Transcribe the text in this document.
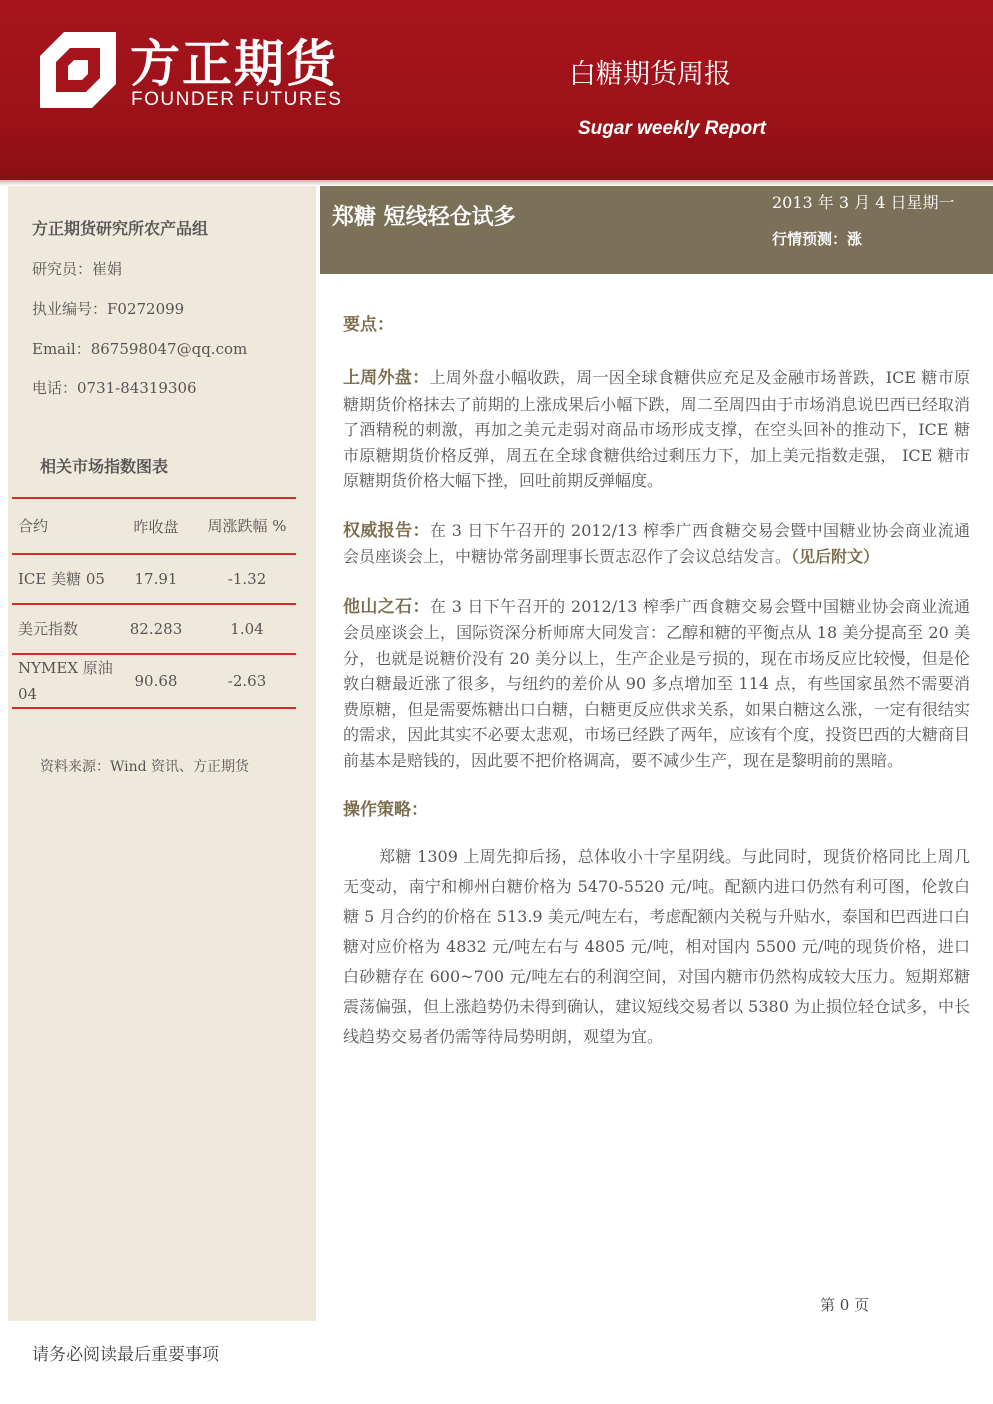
方正期货
FOUNDER FUTURES
白糖期货周报
Sugar weekly Report
方正期货研究所农产品组
研究员：崔娟
执业编号：F0272099
Email：867598047@qq.com
电话：0731-84319306
相关市场指数图表
合约	昨收盘	周涨跌幅 %
ICE 美糖 05	17.91	-1.32
美元指数	82.283	1.04
NYMEX 原油 04	90.68	-2.63
资料来源：Wind 资讯、方正期货
郑糖 短线轻仓试多
2013 年 3 月 4 日星期一
行情预测：涨
要点：

上周外盘：上周外盘小幅收跌，周一因全球食糖供应充足及金融市场普跌，ICE 糖市原糖期货价格抹去了前期的上涨成果后小幅下跌，周二至周四由于市场消息说巴西已经取消了酒精税的刺激，再加之美元走弱对商品市场形成支撑，在空头回补的推动下，ICE 糖市原糖期货价格反弹，周五在全球食糖供给过剩压力下，加上美元指数走强， ICE 糖市原糖期货价格大幅下挫，回吐前期反弹幅度。

权威报告：在 3 日下午召开的 2012/13 榨季广西食糖交易会暨中国糖业协会商业流通会员座谈会上，中糖协常务副理事长贾志忍作了会议总结发言。（见后附文）

他山之石：在 3 日下午召开的 2012/13 榨季广西食糖交易会暨中国糖业协会商业流通会员座谈会上，国际资深分析师席大同发言：乙醇和糖的平衡点从 18 美分提高至 20 美分，也就是说糖价没有 20 美分以上，生产企业是亏损的，现在市场反应比较慢，但是伦敦白糖最近涨了很多，与纽约的差价从 90 多点增加至 114 点，有些国家虽然不需要消费原糖，但是需要炼糖出口白糖，白糖更反应供求关系，如果白糖这么涨，一定有很结实的需求，因此其实不必要太悲观，市场已经跌了两年，应该有个度，投资巴西的大糖商目前基本是赔钱的，因此要不把价格调高，要不减少生产，现在是黎明前的黑暗。

操作策略：

郑糖 1309 上周先抑后扬，总体收小十字星阴线。与此同时，现货价格同比上周几无变动，南宁和柳州白糖价格为 5470-5520 元/吨。配额内进口仍然有利可图，伦敦白糖 5 月合约的价格在 513.9 美元/吨左右，考虑配额内关税与升贴水，泰国和巴西进口白糖对应价格为 4832 元/吨左右与 4805 元/吨，相对国内 5500 元/吨的现货价格，进口白砂糖存在 600~700 元/吨左右的利润空间，对国内糖市仍然构成较大压力。短期郑糖震荡偏强，但上涨趋势仍未得到确认，建议短线交易者以 5380 为止损位轻仓试多，中长线趋势交易者仍需等待局势明朗，观望为宜。

第 0 页
请务必阅读最后重要事项
